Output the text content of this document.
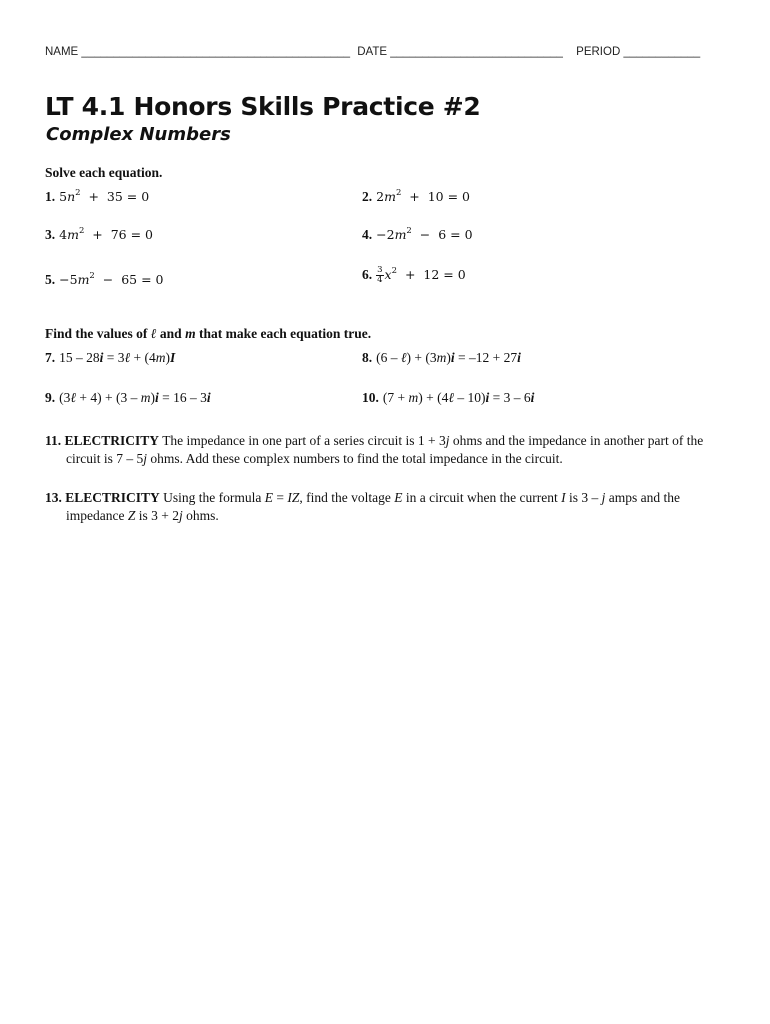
NAME __________________________________________ DATE ___________________________ PERIOD ____________
LT 4.1 Honors Skills Practice #2
Complex Numbers
Solve each equation.
1. $5n^2 + 35 = 0$	2. $2m^2 + 10 = 0$
3. $4m^2 + 76 = 0$	4. $-2m^2 - 6 = 0$
5. $-5m^2 - 65 = 0$	6. $\frac{3}{4} x^2 + 12 = 0$
Find the values of ℓ and m that make each equation true.
7. 15 – 28i = 3ℓ + (4m)I	8. (6 – ℓ) + (3m)i = –12 + 27i
9. (3ℓ + 4) + (3 – m)i = 16 – 3i	10. (7 + m) + (4ℓ – 10)i = 3 – 6i
11. ELECTRICITY The impedance in one part of a series circuit is 1 + 3j ohms and the impedance in another part of the
circuit is 7 – 5j ohms. Add these complex numbers to find the total impedance in the circuit.
13. ELECTRICITY Using the formula E = IZ, find the voltage E in a circuit when the current I is 3 – j amps and the
impedance Z is 3 + 2j ohms.
